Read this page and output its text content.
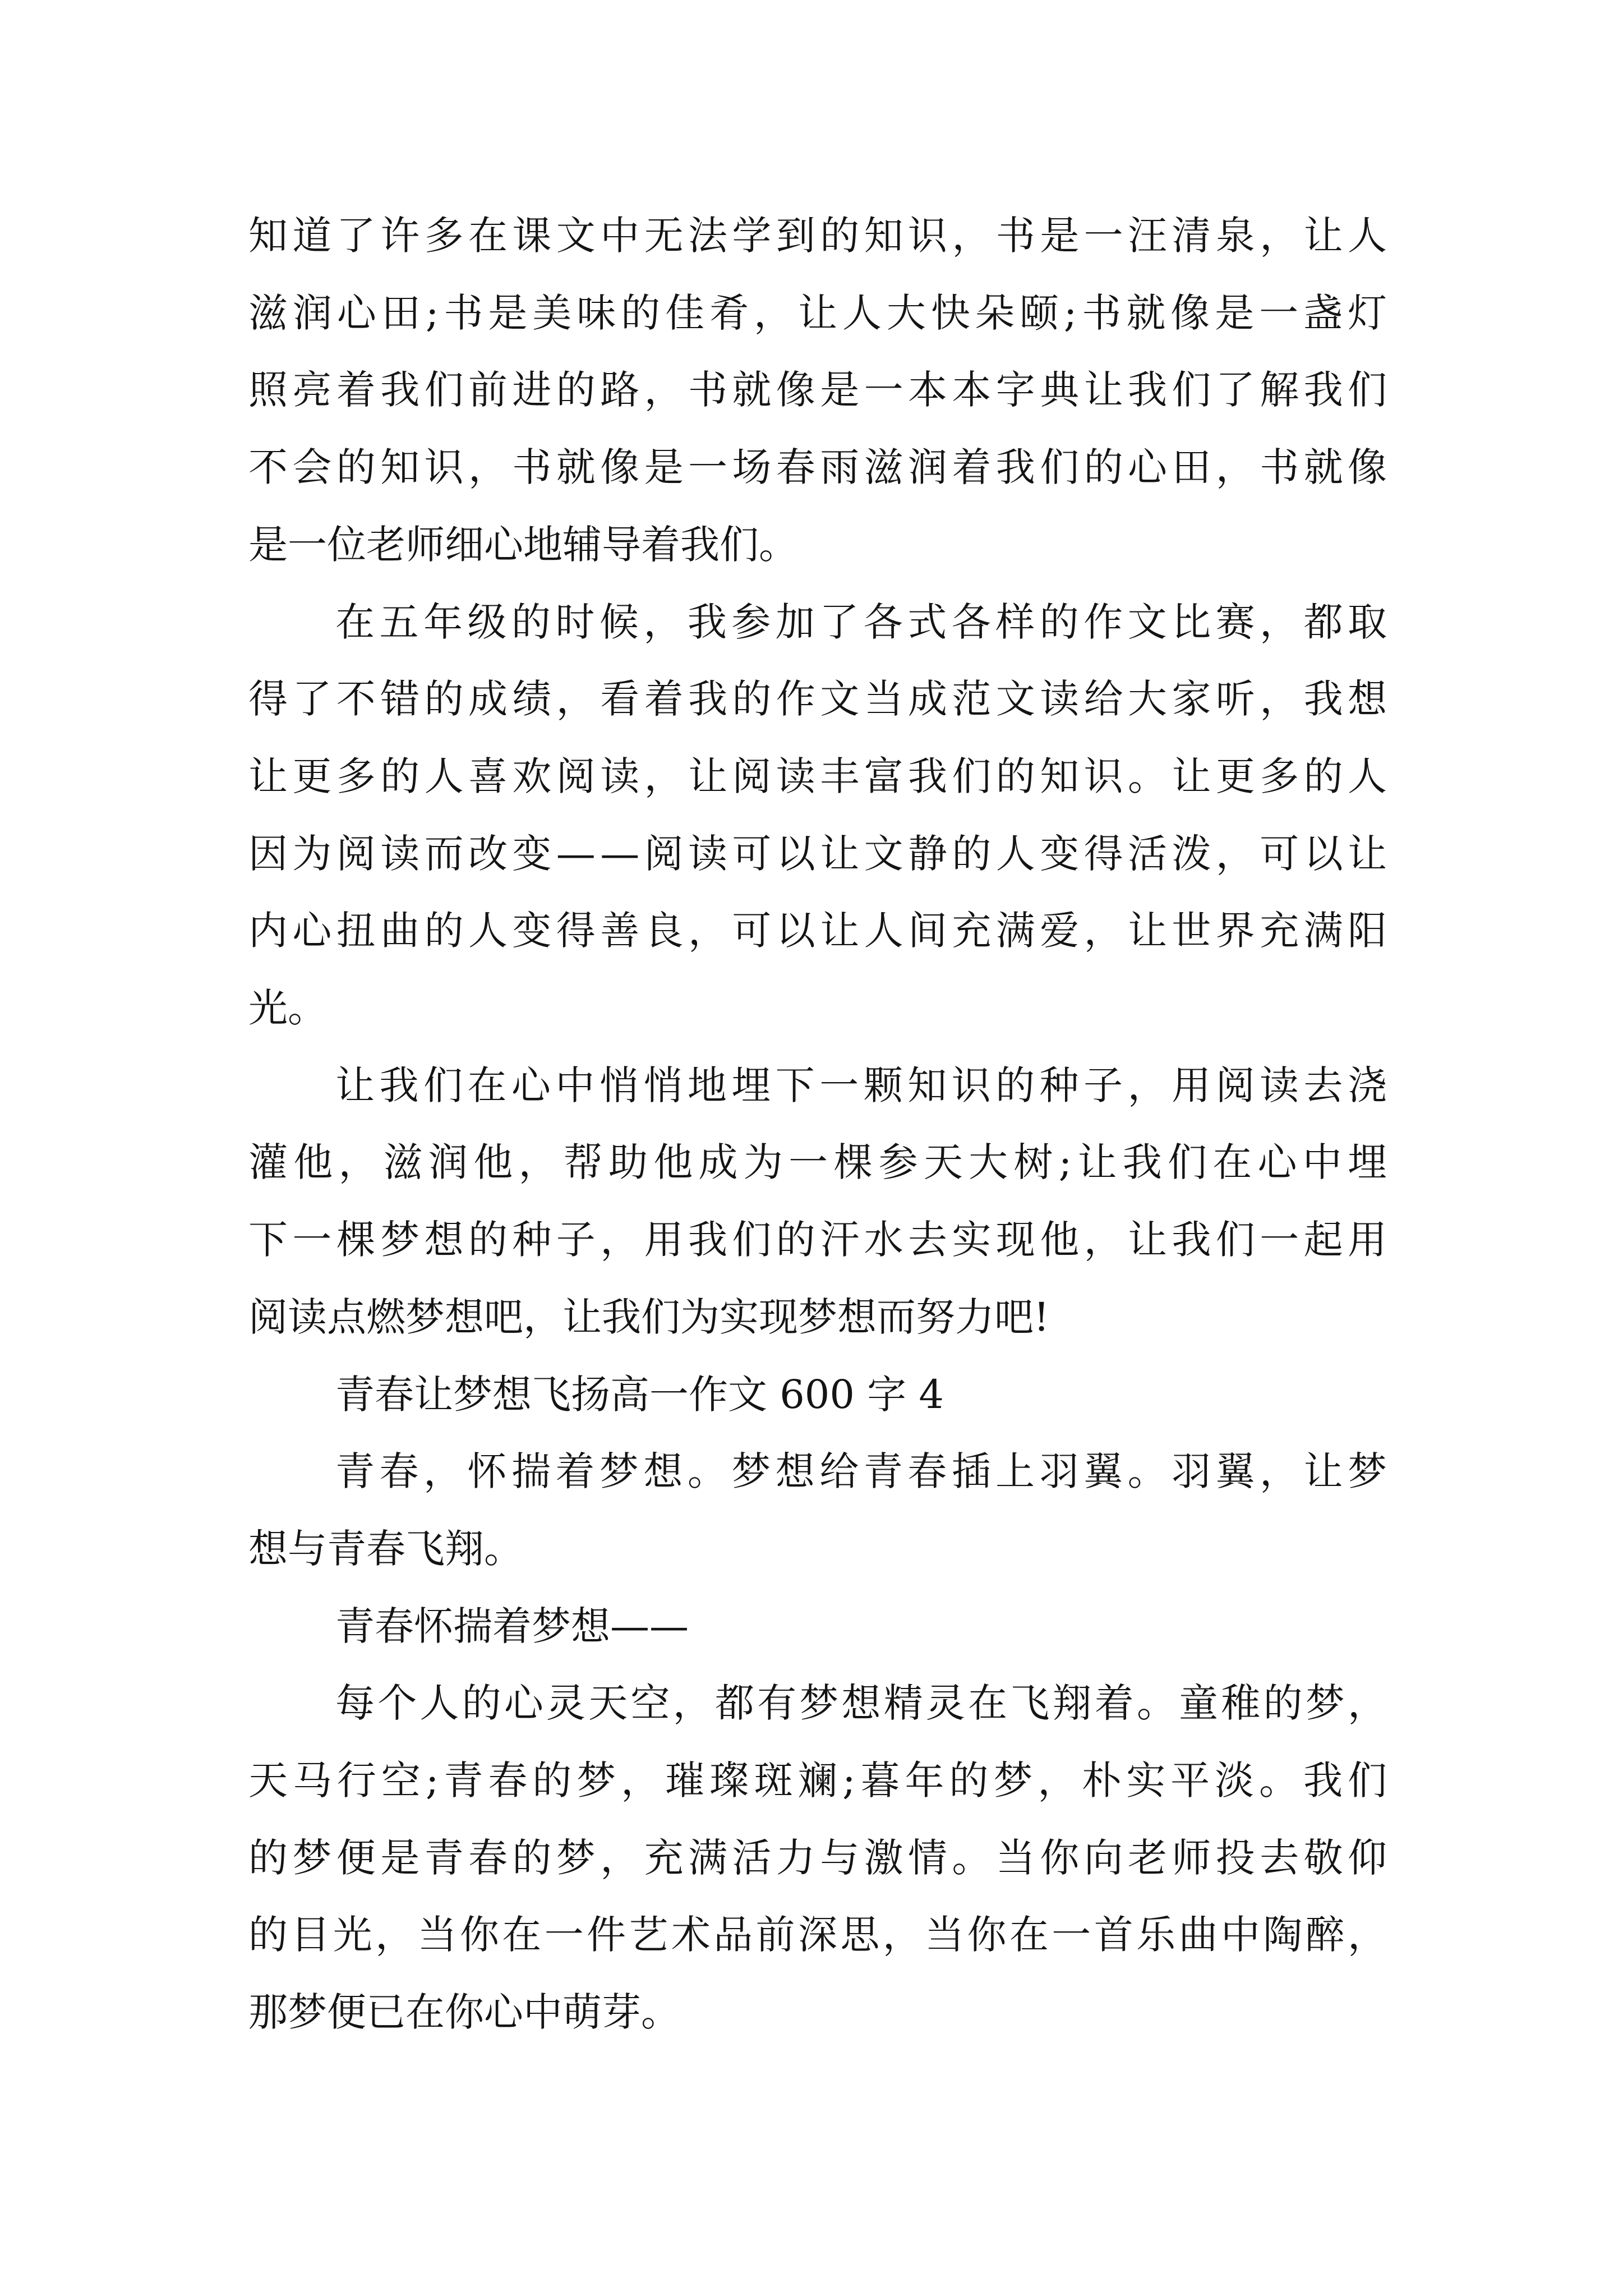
知道了许多在课文中无法学到的知识，书是一汪清泉，让人
滋润心田;书是美味的佳肴，让人大快朵颐;书就像是一盏灯
照亮着我们前进的路，书就像是一本本字典让我们了解我们
不会的知识，书就像是一场春雨滋润着我们的心田，书就像
是一位老师细心地辅导着我们。
在五年级的时候，我参加了各式各样的作文比赛，都取
得了不错的成绩，看着我的作文当成范文读给大家听，我想
让更多的人喜欢阅读，让阅读丰富我们的知识。让更多的人
因为阅读而改变——阅读可以让文静的人变得活泼，可以让
内心扭曲的人变得善良，可以让人间充满爱，让世界充满阳
光。
让我们在心中悄悄地埋下一颗知识的种子，用阅读去浇
灌他，滋润他，帮助他成为一棵参天大树;让我们在心中埋
下一棵梦想的种子，用我们的汗水去实现他，让我们一起用
阅读点燃梦想吧，让我们为实现梦想而努力吧!
青春让梦想飞扬高一作文 600 字 4
青春，怀揣着梦想。梦想给青春插上羽翼。羽翼，让梦
想与青春飞翔。
青春怀揣着梦想——
每个人的心灵天空，都有梦想精灵在飞翔着。童稚的梦，
天马行空;青春的梦，璀璨斑斓;暮年的梦，朴实平淡。我们
的梦便是青春的梦，充满活力与激情。当你向老师投去敬仰
的目光，当你在一件艺术品前深思，当你在一首乐曲中陶醉，
那梦便已在你心中萌芽。
